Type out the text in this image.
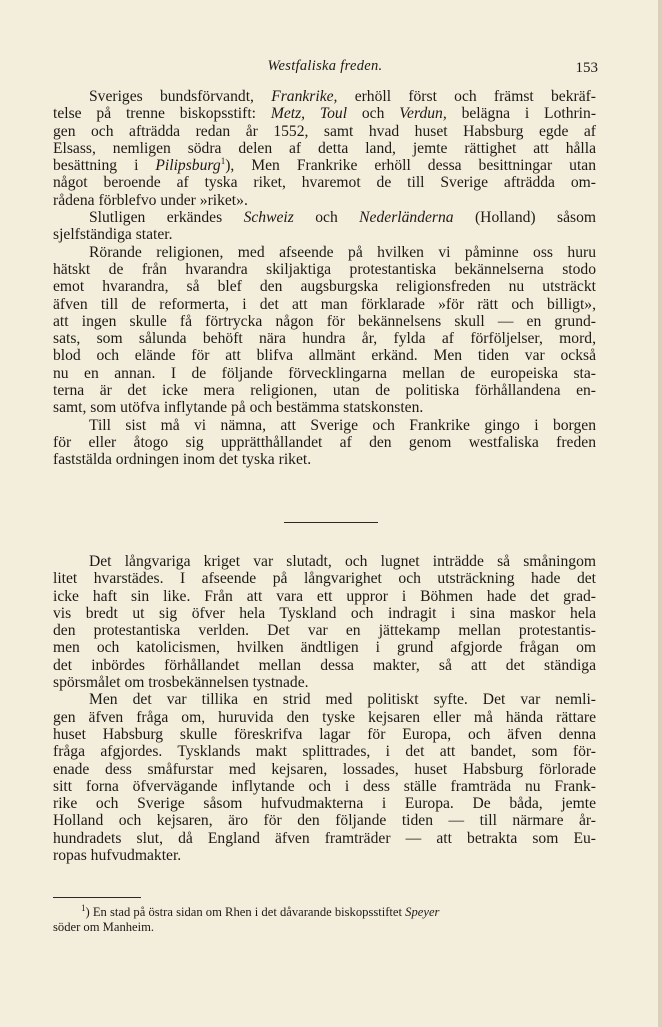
Westfaliska freden.	153
Sveriges bundsförvandt, Frankrike, erhöll först och främst bekräf-
telse på trenne biskopsstift: Metz, Toul och Verdun, belägna i Lothrin-
gen och afträdda redan år 1552, samt hvad huset Habsburg egde af
Elsass, nemligen södra delen af detta land, jemte rättighet att hålla
besättning i Pilipsburg$^1$), Men Frankrike erhöll dessa besittningar utan
något beroende af tyska riket, hvaremot de till Sverige afträdda om-
rådena förblefvo under »riket».
Slutligen erkändes Schweiz och Nederländerna (Holland) såsom
sjelfständiga stater.
Rörande religionen, med afseende på hvilken vi påminne oss huru
hätskt de från hvarandra skiljaktiga protestantiska bekännelserna stodo
emot hvarandra, så blef den augsburgska religionsfreden nu utsträckt
äfven till de reformerta, i det att man förklarade »för rätt och billigt»,
att ingen skulle få förtrycka någon för bekännelsens skull — en grund-
sats, som sålunda behöft nära hundra år, fylda af förföljelser, mord,
blod och elände för att blifva allmänt erkänd. Men tiden var också
nu en annan. I de följande förvecklingarna mellan de europeiska sta-
terna är det icke mera religionen, utan de politiska förhållandena en-
samt, som utöfva inflytande på och bestämma statskonsten.
Till sist må vi nämna, att Sverige och Frankrike gingo i borgen
för eller åtogo sig upprätthållandet af den genom westfaliska freden
faststälda ordningen inom det tyska riket.
Det långvariga kriget var slutadt, och lugnet inträdde så småningom
litet hvarstädes. I afseende på långvarighet och utsträckning hade det
icke haft sin like. Från att vara ett uppror i Böhmen hade det grad-
vis bredt ut sig öfver hela Tyskland och indragit i sina maskor hela
den protestantiska verlden. Det var en jättekamp mellan protestantis-
men och katolicismen, hvilken ändtligen i grund afgjorde frågan om
det inbördes förhållandet mellan dessa makter, så att det ständiga
spörsmålet om trosbekännelsen tystnade.
Men det var tillika en strid med politiskt syfte. Det var nemli-
gen äfven fråga om, huruvida den tyske kejsaren eller må hända rättare
huset Habsburg skulle föreskrifva lagar för Europa, och äfven denna
fråga afgjordes. Tysklands makt splittrades, i det att bandet, som för-
enade dess småfurstar med kejsaren, lossades, huset Habsburg förlorade
sitt forna öfvervägande inflytande och i dess ställe framträda nu Frank-
rike och Sverige såsom hufvudmakterna i Europa. De båda, jemte
Holland och kejsaren, äro för den följande tiden — till närmare år-
hundradets slut, då England äfven framträder — att betrakta som Eu-
ropas hufvudmakter.
$^1$) En stad på östra sidan om Rhen i det dåvarande biskopsstiftet Speyer
söder om Manheim.
